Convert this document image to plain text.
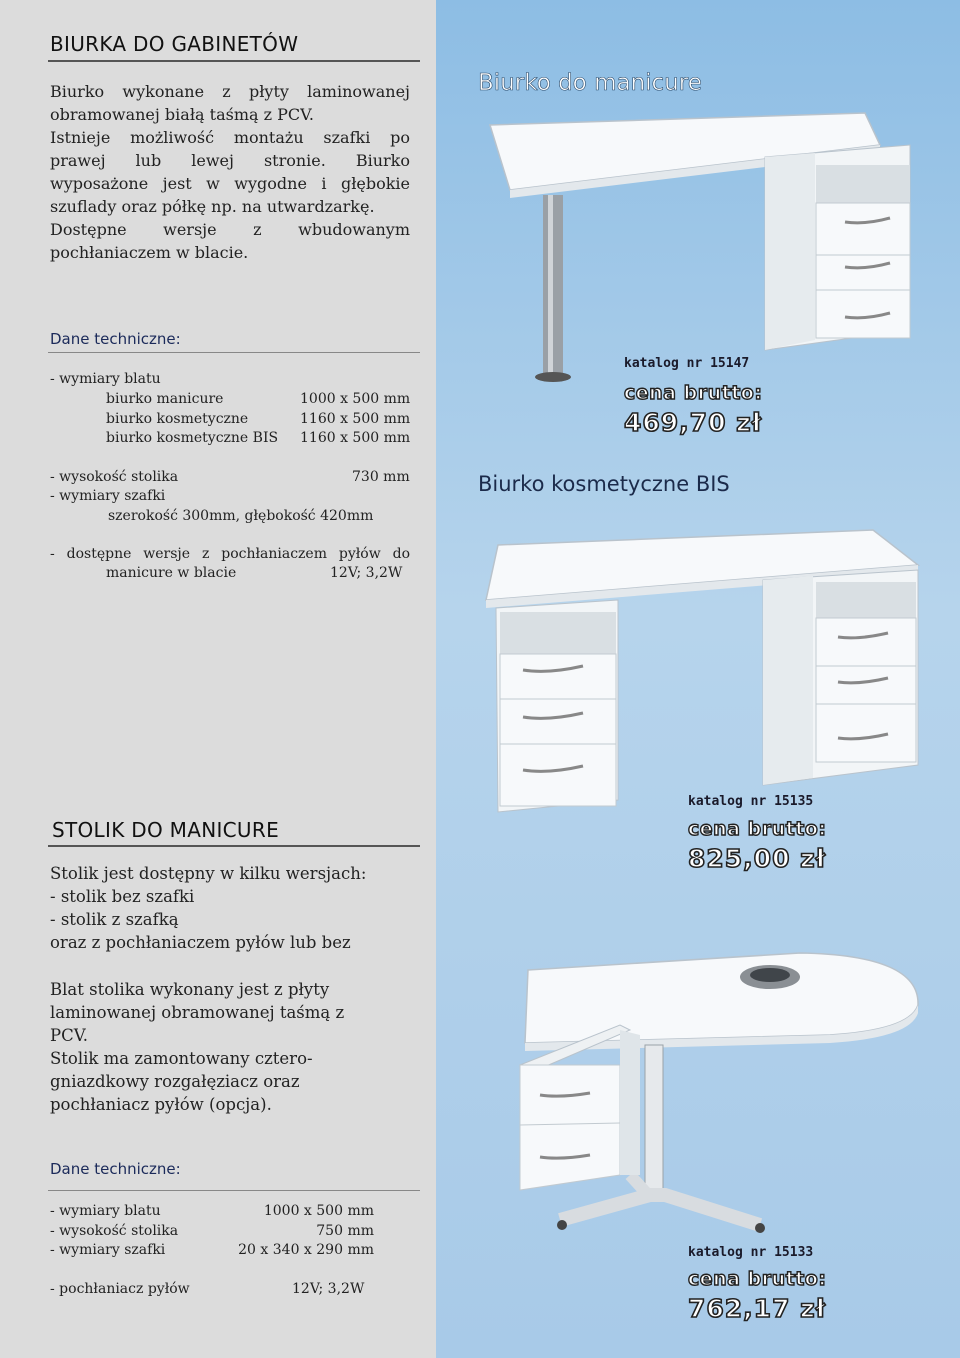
BIURKA DO GABINETÓW

Biurko wykonane z płyty laminowanej obramowanej białą taśmą z PCV.

Istnieje możliwość montażu szafki po prawej lub lewej stronie. Biurko wyposażone jest w wygodne i głębokie szuflady oraz półkę np. na utwardzarkę.

Dostępne wersje z wbudowanym pochłaniaczem w blacie.

Dane techniczne:
- wymiary blatu
biurko manicure	1000 x 500 mm
biurko kosmetyczne	1160 x 500 mm
biurko kosmetyczne BIS 1160 x 500 mm
- wysokość stolika	730 mm
- wymiary szafki
szerokość 300mm, głębokość 420mm
- dostępne wersje z pochłaniaczem pyłów do
manicure w blacie	12V; 3,2W
STOLIK DO MANICURE
Stolik jest dostępny w kilku wersjach:
- stolik bez szafki
- stolik z szafką
oraz z pochłaniaczem pyłów lub bez
Blat stolika wykonany jest z płyty
laminowanej obramowanej taśmą z
PCV.
Stolik ma zamontowany cztero-
gniazdkowy rozgałęziacz oraz
pochłaniacz pyłów (opcja).
Dane techniczne:
- wymiary blatu	1000 x 500 mm
- wysokość stolika	750 mm
- wymiary szafki	20 x 340 x 290 mm
- pochłaniacz pyłów	12V; 3,2W
Biurko do manicure
katalog nr 15147
cena brutto:
469,70 zł
Biurko kosmetyczne BIS
katalog nr 15135
cena brutto:
825,00 zł
katalog nr 15133
cena brutto:
762,17 zł
